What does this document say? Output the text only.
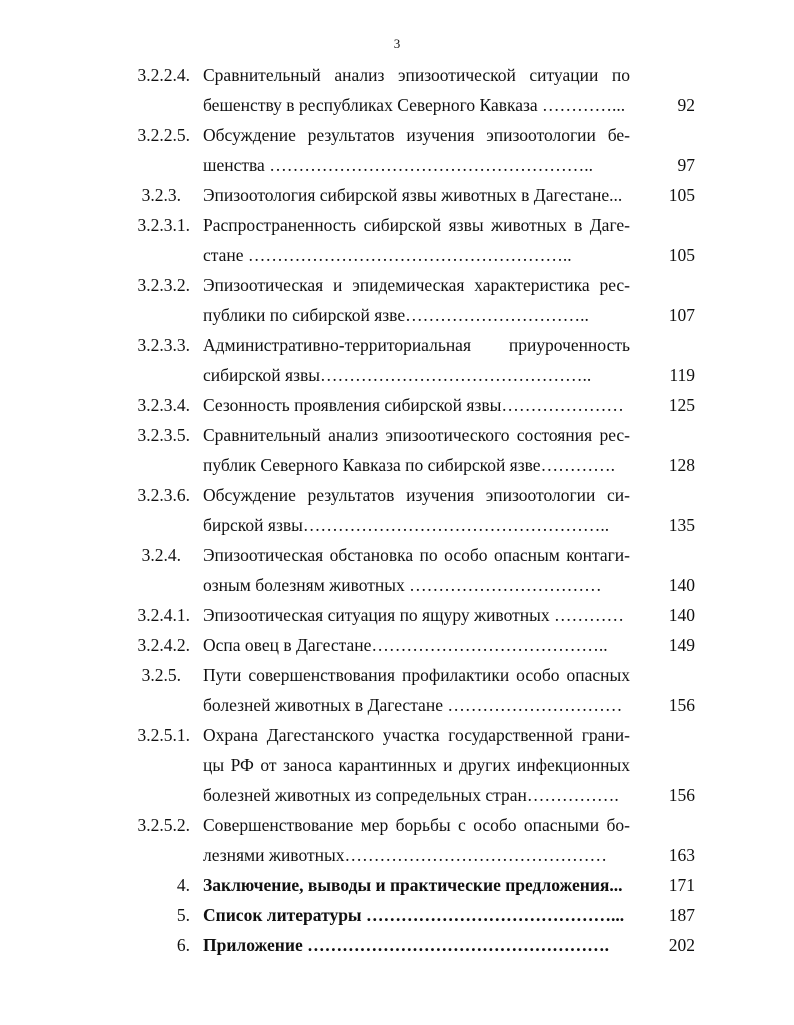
3
3.2.2.4. Сравнительный анализ эпизоотической ситуации по
бешенству в республиках Северного Кавказа …………...	92
3.2.2.5. Обсуждение результатов изучения эпизоотологии бе-
шенства ………………………………………………..	97
3.2.3. Эпизоотология сибирской язвы животных в Дагестане...	105
3.2.3.1. Распространенность сибирской язвы животных в Даге-
стане ………………………………………………..	105
3.2.3.2. Эпизоотическая и эпидемическая характеристика рес-
публики по сибирской язве…………………………..	107
3.2.3.3. Административно-территориальная приуроченность
сибирской язвы………………………………………..	119
3.2.3.4. Сезонность проявления сибирской язвы…………………	125
3.2.3.5. Сравнительный анализ эпизоотического состояния рес-
публик Северного Кавказа по сибирской язве………….	128
3.2.3.6. Обсуждение результатов изучения эпизоотологии си-
бирской язвы……………………………………………..	135
3.2.4. Эпизоотическая обстановка по особо опасным контаги-
озным болезням животных ……………………………	140
3.2.4.1. Эпизоотическая ситуация по ящуру животных …………	140
3.2.4.2. Оспа овец в Дагестане…………………………………..	149
3.2.5. Пути совершенствования профилактики особо опасных
болезней животных в Дагестане …………………………	156
3.2.5.1. Охрана Дагестанского участка государственной грани-
цы РФ от заноса карантинных и других инфекционных
болезней животных из сопредельных стран…………….	156
3.2.5.2. Совершенствование мер борьбы с особо опасными бо-
лезнями животных………………………………………	163
4. Заключение, выводы и практические предложения...	171
5. Список литературы ……………………………………...	187
6. Приложение …………………………………………….	202
